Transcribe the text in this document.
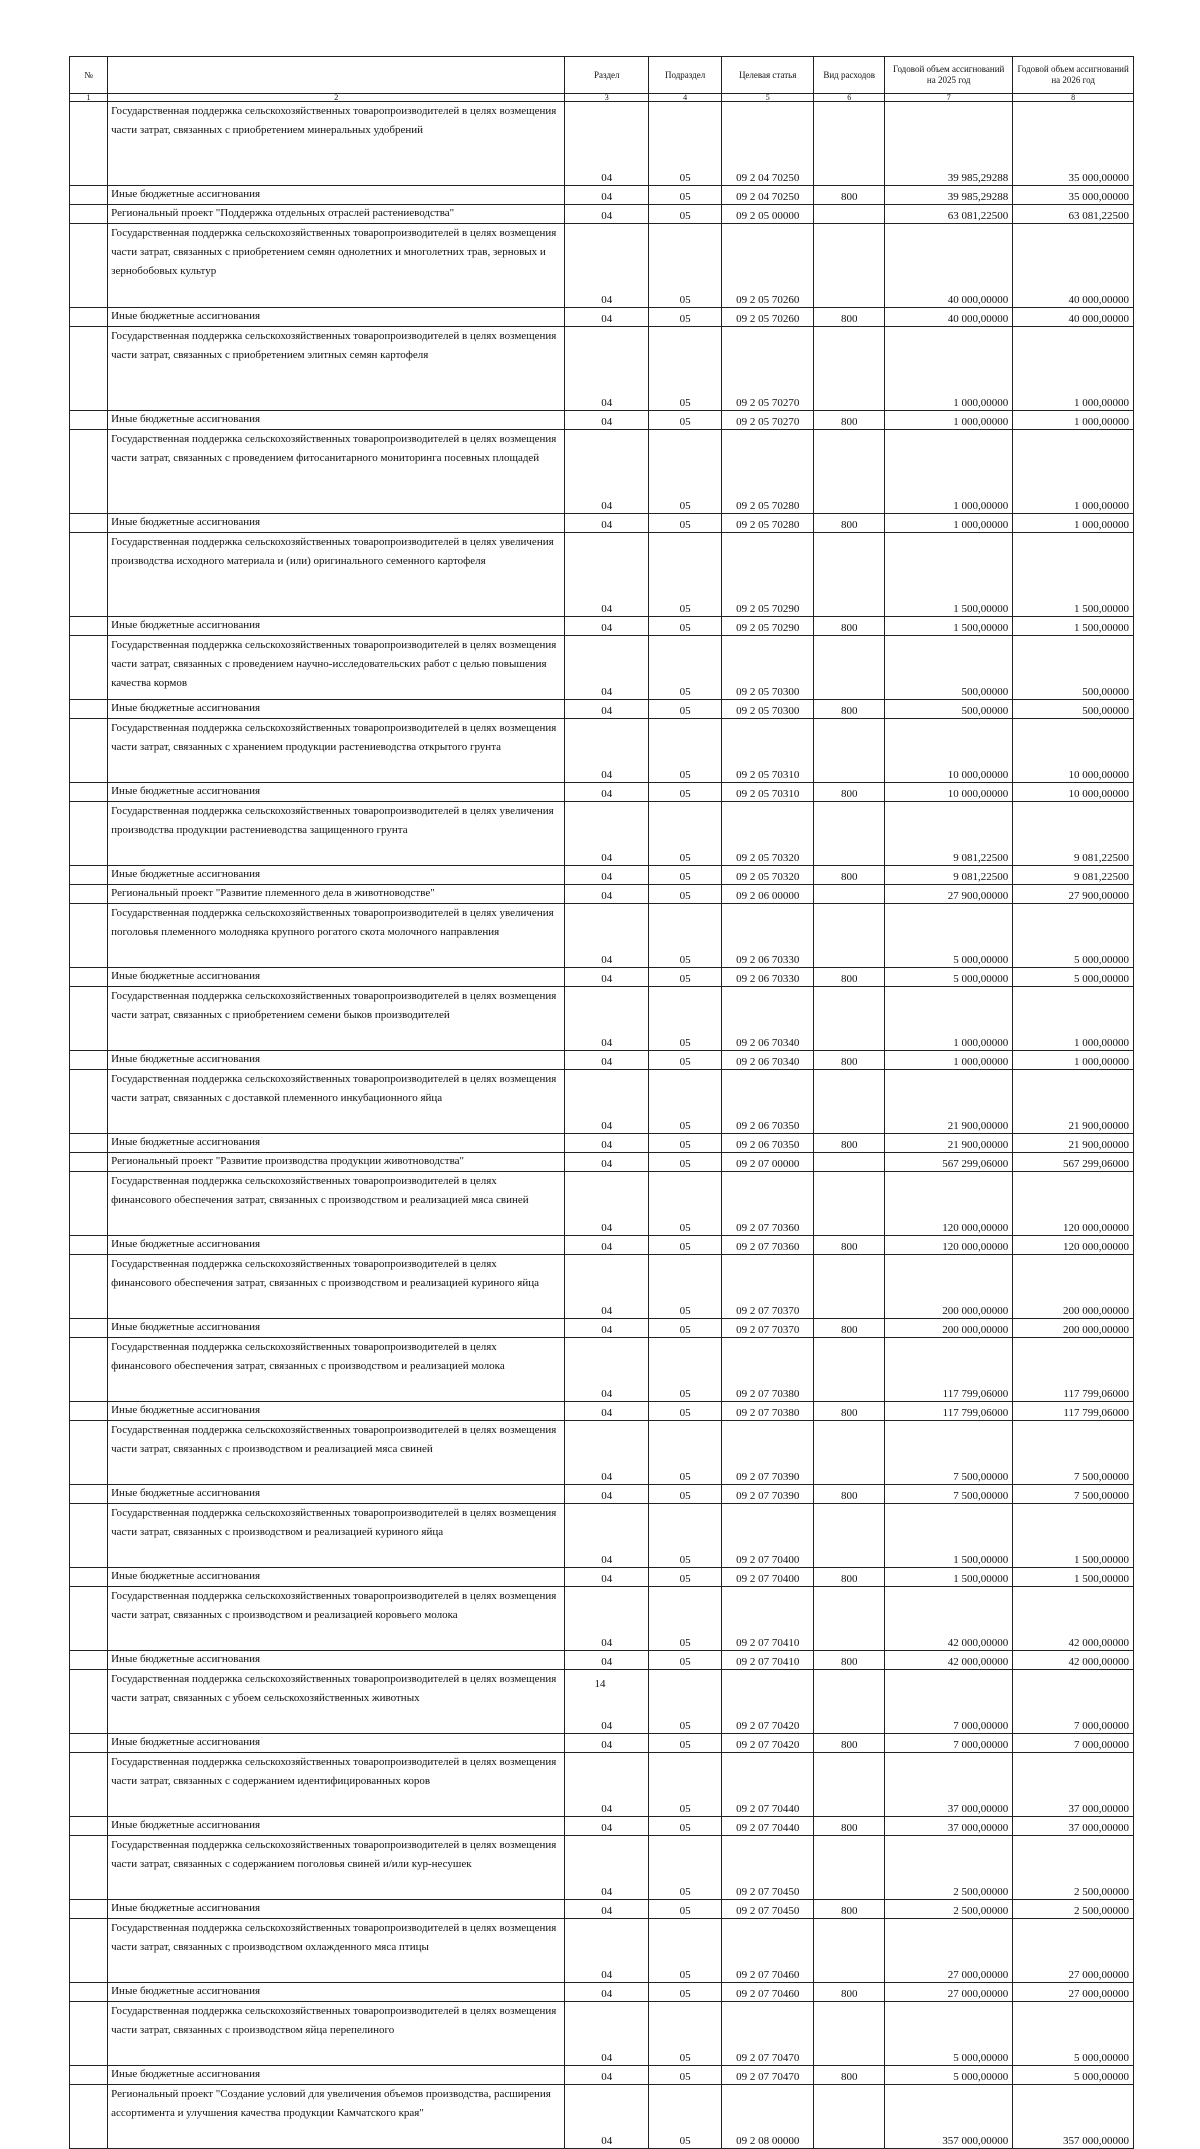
№		Раздел	Подраздел	Целевая статья	Вид расходов	Годовой объем ассигнований на 2025 год	Годовой объем ассигнований на 2026 год
1	2	3	4	5	6	7	8
	Государственная поддержка сельскохозяйственных товаропроизводителей в целях возмещения части затрат, связанных с приобретением минеральных удобрений	04	05	09 2 04 70250		39 985,29288	35 000,00000
	Иные бюджетные ассигнования	04	05	09 2 04 70250	800	39 985,29288	35 000,00000
	Региональный проект "Поддержка отдельных отраслей растениеводства"	04	05	09 2 05 00000		63 081,22500	63 081,22500
	Государственная поддержка сельскохозяйственных товаропроизводителей в целях возмещения части затрат, связанных с приобретением семян однолетних и многолетних трав, зерновых и зернобобовых культур	04	05	09 2 05 70260		40 000,00000	40 000,00000
	Иные бюджетные ассигнования	04	05	09 2 05 70260	800	40 000,00000	40 000,00000
	Государственная поддержка сельскохозяйственных товаропроизводителей в целях возмещения части затрат, связанных с приобретением элитных семян картофеля	04	05	09 2 05 70270		1 000,00000	1 000,00000
	Иные бюджетные ассигнования	04	05	09 2 05 70270	800	1 000,00000	1 000,00000
	Государственная поддержка сельскохозяйственных товаропроизводителей в целях возмещения части затрат, связанных с проведением фитосанитарного мониторинга посевных площадей	04	05	09 2 05 70280		1 000,00000	1 000,00000
	Иные бюджетные ассигнования	04	05	09 2 05 70280	800	1 000,00000	1 000,00000
	Государственная поддержка сельскохозяйственных товаропроизводителей в целях увеличения производства исходного материала и (или) оригинального семенного картофеля	04	05	09 2 05 70290		1 500,00000	1 500,00000
	Иные бюджетные ассигнования	04	05	09 2 05 70290	800	1 500,00000	1 500,00000
	Государственная поддержка сельскохозяйственных товаропроизводителей в целях возмещения части затрат, связанных с проведением научно-исследовательских работ с целью повышения качества кормов	04	05	09 2 05 70300		500,00000	500,00000
	Иные бюджетные ассигнования	04	05	09 2 05 70300	800	500,00000	500,00000
	Государственная поддержка сельскохозяйственных товаропроизводителей в целях возмещения части затрат, связанных с хранением продукции растениеводства открытого грунта	04	05	09 2 05 70310		10 000,00000	10 000,00000
	Иные бюджетные ассигнования	04	05	09 2 05 70310	800	10 000,00000	10 000,00000
	Государственная поддержка сельскохозяйственных товаропроизводителей в целях увеличения производства продукции растениеводства защищенного грунта	04	05	09 2 05 70320		9 081,22500	9 081,22500
	Иные бюджетные ассигнования	04	05	09 2 05 70320	800	9 081,22500	9 081,22500
	Региональный проект "Развитие племенного дела в животноводстве"	04	05	09 2 06 00000		27 900,00000	27 900,00000
	Государственная поддержка сельскохозяйственных товаропроизводителей в целях увеличения поголовья племенного молодняка крупного рогатого скота молочного направления	04	05	09 2 06 70330		5 000,00000	5 000,00000
	Иные бюджетные ассигнования	04	05	09 2 06 70330	800	5 000,00000	5 000,00000
	Государственная поддержка сельскохозяйственных товаропроизводителей в целях возмещения части затрат, связанных с приобретением семени быков производителей	04	05	09 2 06 70340		1 000,00000	1 000,00000
	Иные бюджетные ассигнования	04	05	09 2 06 70340	800	1 000,00000	1 000,00000
	Государственная поддержка сельскохозяйственных товаропроизводителей в целях возмещения части затрат, связанных с доставкой племенного инкубационного яйца	04	05	09 2 06 70350		21 900,00000	21 900,00000
	Иные бюджетные ассигнования	04	05	09 2 06 70350	800	21 900,00000	21 900,00000
	Региональный проект "Развитие производства продукции животноводства"	04	05	09 2 07 00000		567 299,06000	567 299,06000
	Государственная поддержка сельскохозяйственных товаропроизводителей в целях финансового обеспечения затрат, связанных с производством и реализацией мяса свиней	04	05	09 2 07 70360		120 000,00000	120 000,00000
	Иные бюджетные ассигнования	04	05	09 2 07 70360	800	120 000,00000	120 000,00000
	Государственная поддержка сельскохозяйственных товаропроизводителей в целях финансового обеспечения затрат, связанных с производством и реализацией куриного яйца	04	05	09 2 07 70370		200 000,00000	200 000,00000
	Иные бюджетные ассигнования	04	05	09 2 07 70370	800	200 000,00000	200 000,00000
	Государственная поддержка сельскохозяйственных товаропроизводителей в целях финансового обеспечения затрат, связанных с производством и реализацией молока	04	05	09 2 07 70380		117 799,06000	117 799,06000
	Иные бюджетные ассигнования	04	05	09 2 07 70380	800	117 799,06000	117 799,06000
	Государственная поддержка сельскохозяйственных товаропроизводителей в целях возмещения части затрат, связанных с производством и реализацией мяса свиней	04	05	09 2 07 70390		7 500,00000	7 500,00000
	Иные бюджетные ассигнования	04	05	09 2 07 70390	800	7 500,00000	7 500,00000
	Государственная поддержка сельскохозяйственных товаропроизводителей в целях возмещения части затрат, связанных с производством и реализацией куриного яйца	04	05	09 2 07 70400		1 500,00000	1 500,00000
	Иные бюджетные ассигнования	04	05	09 2 07 70400	800	1 500,00000	1 500,00000
	Государственная поддержка сельскохозяйственных товаропроизводителей в целях возмещения части затрат, связанных с производством и реализацией коровьего молока	04	05	09 2 07 70410		42 000,00000	42 000,00000
	Иные бюджетные ассигнования	04	05	09 2 07 70410	800	42 000,00000	42 000,00000
	Государственная поддержка сельскохозяйственных товаропроизводителей в целях возмещения части затрат, связанных с убоем сельскохозяйственных животных	04	05	09 2 07 70420		7 000,00000	7 000,00000
	Иные бюджетные ассигнования	04	05	09 2 07 70420	800	7 000,00000	7 000,00000
	Государственная поддержка сельскохозяйственных товаропроизводителей в целях возмещения части затрат, связанных с содержанием идентифицированных коров	04	05	09 2 07 70440		37 000,00000	37 000,00000
	Иные бюджетные ассигнования	04	05	09 2 07 70440	800	37 000,00000	37 000,00000
	Государственная поддержка сельскохозяйственных товаропроизводителей в целях возмещения части затрат, связанных с содержанием поголовья свиней и/или кур-несушек	04	05	09 2 07 70450		2 500,00000	2 500,00000
	Иные бюджетные ассигнования	04	05	09 2 07 70450	800	2 500,00000	2 500,00000
	Государственная поддержка сельскохозяйственных товаропроизводителей в целях возмещения части затрат, связанных с производством охлажденного мяса птицы	04	05	09 2 07 70460		27 000,00000	27 000,00000
	Иные бюджетные ассигнования	04	05	09 2 07 70460	800	27 000,00000	27 000,00000
	Государственная поддержка сельскохозяйственных товаропроизводителей в целях возмещения части затрат, связанных с производством яйца перепелиного	04	05	09 2 07 70470		5 000,00000	5 000,00000
	Иные бюджетные ассигнования	04	05	09 2 07 70470	800	5 000,00000	5 000,00000
	Региональный проект "Создание условий для увеличения объемов производства, расширения ассортимента и улучшения качества продукции Камчатского края"	04	05	09 2 08 00000		357 000,00000	357 000,00000
14
